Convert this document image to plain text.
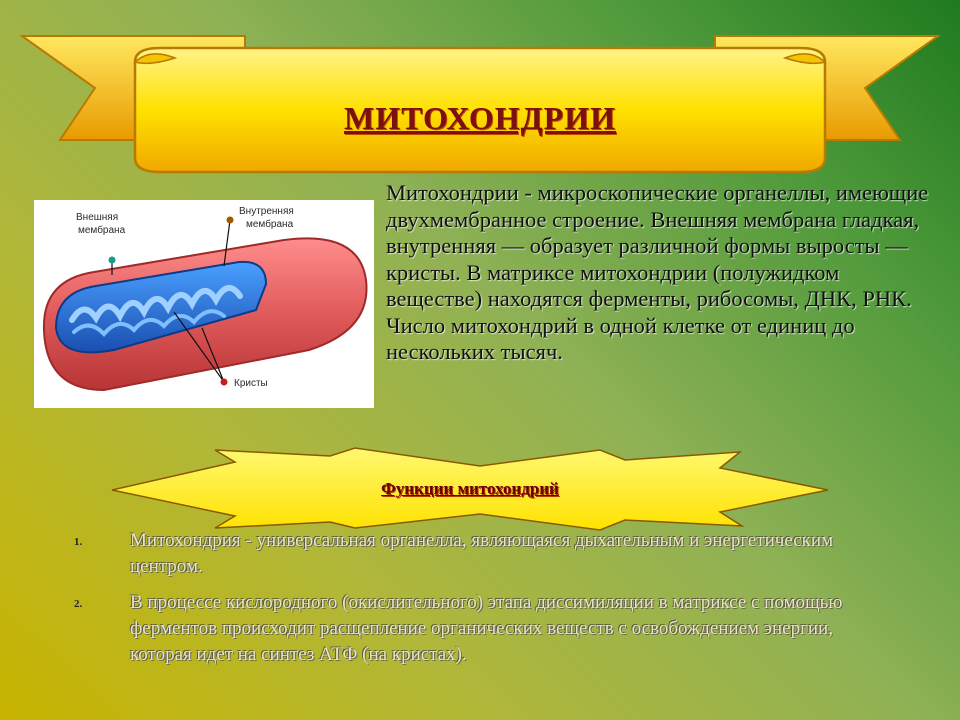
МИТОХОНДРИИ
Внешняя
мембрана
Внутренняя
мембрана
Кристы
Митохондрии - микроскопические органеллы, имеющие двухмембранное строение. Внешняя мембрана гладкая, внутренняя — образует различной формы выросты — кристы. В матриксе митохондрии (полужидком веществе) находятся ферменты, рибосомы, ДНК, РНК. Число митохондрий в одной клетке от единиц до нескольких тысяч.
Функции митохондрий
1.	Митохондрия - универсальная органелла, являющаяся дыхательным и энергетическим центром.
2.	В процессе кислородного (окислительного) этапа диссимиляции в матриксе с помощью ферментов происходит расщепление органических веществ с освобождением энергии, которая идет на синтез АТФ (на кристах).
